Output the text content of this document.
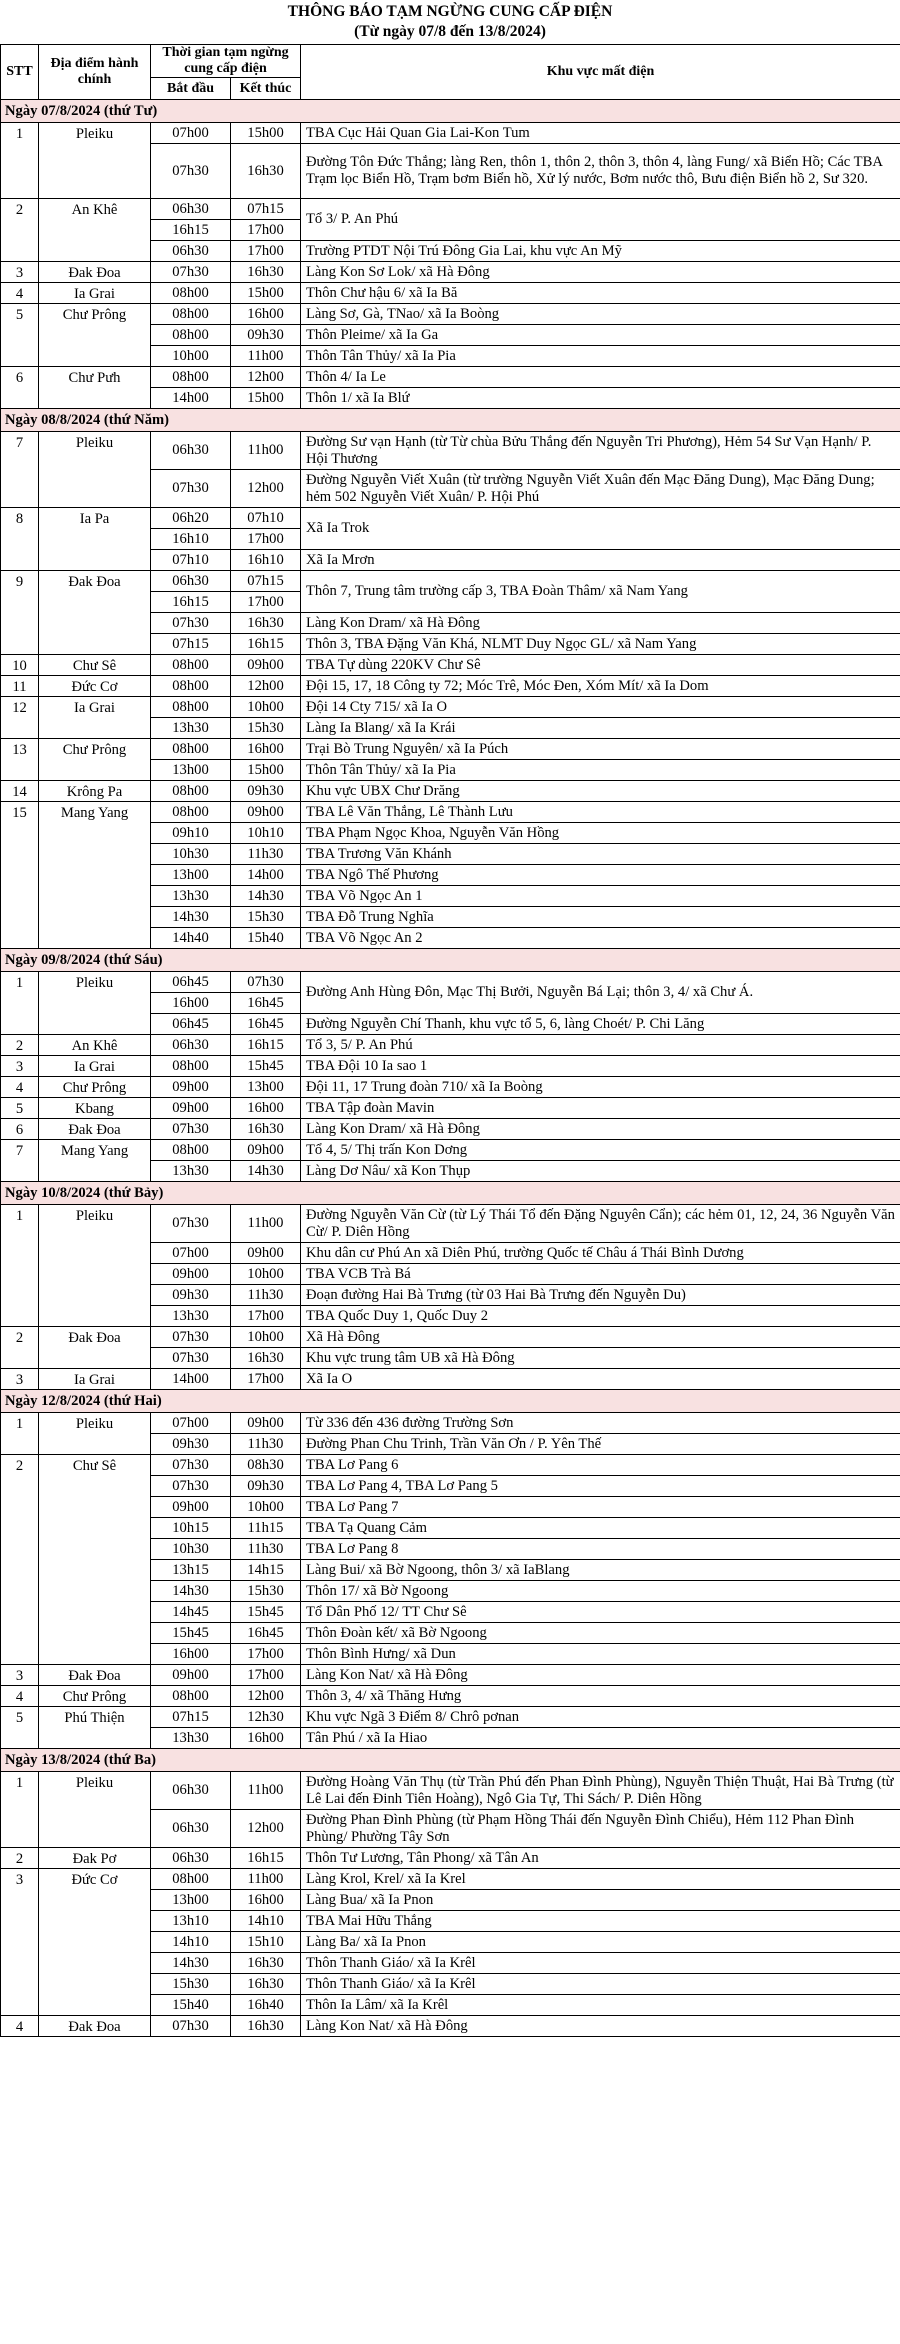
THÔNG BÁO TẠM NGỪNG CUNG CẤP ĐIỆN
(Từ ngày 07/8 đến 13/8/2024)
STT	Địa điểm hành chính	Thời gian tạm ngừng cung cấp điện		Khu vực mất điện
		Bắt đầu	Kết thúc	
Ngày 07/8/2024 (thứ Tư)				
1	Pleiku	07h00	15h00	TBA Cục Hải Quan Gia Lai-Kon Tum
		07h30	16h30	Đường Tôn Đức Thắng; làng Ren, thôn 1, thôn 2, thôn 3, thôn 4, làng Fung/ xã Biển Hồ; Các TBA Trạm lọc Biển Hồ, Trạm bơm Biển hồ, Xử lý nước, Bơm nước thô, Bưu điện Biển hồ 2, Sư 320.
2	An Khê	06h30	07h15	Tổ 3/ P. An Phú
		16h15	17h00	
		06h30	17h00	Trường PTDT Nội Trú Đông Gia Lai, khu vực An Mỹ
3	Đak Đoa	07h30	16h30	Làng Kon Sơ Lok/ xã Hà Đông
4	Ia Grai	08h00	15h00	Thôn Chư hậu 6/ xã Ia Bă
5	Chư Prông	08h00	16h00	Làng Sơ, Gà, TNao/ xã Ia Boòng
		08h00	09h30	Thôn Pleime/ xã Ia Ga
		10h00	11h00	Thôn Tân Thủy/ xã Ia Pia
6	Chư Pưh	08h00	12h00	Thôn 4/ Ia Le
		14h00	15h00	Thôn 1/ xã Ia Blứ
Ngày 08/8/2024 (thứ Năm)				
7	Pleiku	06h30	11h00	Đường Sư vạn Hạnh (từ Từ chùa Bửu Thắng đến Nguyễn Tri Phương), Hẻm 54 Sư Vạn Hạnh/ P. Hội Thương
		07h30	12h00	Đường Nguyễn Viết Xuân (từ trường Nguyễn Viết Xuân đến Mạc Đăng Dung), Mạc Đăng Dung; hẻm 502 Nguyễn Viết Xuân/ P. Hội Phú
8	Ia Pa	06h20	07h10	Xã Ia Trok
		16h10	17h00	
		07h10	16h10	Xã Ia Mrơn
9	Đak Đoa	06h30	07h15	Thôn 7, Trung tâm trường cấp 3, TBA Đoàn Thâm/ xã Nam Yang
		16h15	17h00	
		07h30	16h30	Làng Kon Dram/ xã Hà Đông
		07h15	16h15	Thôn 3, TBA Đặng Văn Khá, NLMT Duy Ngọc GL/ xã Nam Yang
10	Chư Sê	08h00	09h00	TBA Tự dùng 220KV Chư Sê
11	Đức Cơ	08h00	12h00	Đội 15, 17, 18 Công ty 72; Móc Trê, Móc Đen, Xóm Mít/ xã Ia Dom
12	Ia Grai	08h00	10h00	Đội 14 Cty 715/ xã Ia O
		13h30	15h30	Làng Ia Blang/ xã Ia Krái
13	Chư Prông	08h00	16h00	Trại Bò Trung Nguyên/ xã Ia Púch
		13h00	15h00	Thôn Tân Thủy/ xã Ia Pia
14	Krông Pa	08h00	09h30	Khu vực UBX Chư Drăng
15	Mang Yang	08h00	09h00	TBA Lê Văn Thắng, Lê Thành Lưu
		09h10	10h10	TBA Phạm Ngọc Khoa, Nguyễn Văn Hồng
		10h30	11h30	TBA Trương Văn Khánh
		13h00	14h00	TBA Ngô Thế Phương
		13h30	14h30	TBA Võ Ngọc An 1
		14h30	15h30	TBA Đỗ Trung Nghĩa
		14h40	15h40	TBA Võ Ngọc An 2
Ngày 09/8/2024 (thứ Sáu)				
1	Pleiku	06h45	07h30	Đường Anh Hùng Đôn, Mạc Thị Bưởi, Nguyễn Bá Lại; thôn 3, 4/ xã Chư Á.
		16h00	16h45	
		06h45	16h45	Đường Nguyễn Chí Thanh, khu vực tổ 5, 6, làng Choét/ P. Chi Lăng
2	An Khê	06h30	16h15	Tổ 3, 5/ P. An Phú
3	Ia Grai	08h00	15h45	TBA Đội 10 Ia sao 1
4	Chư Prông	09h00	13h00	Đội 11, 17 Trung đoàn 710/ xã Ia Boòng
5	Kbang	09h00	16h00	TBA Tập đoàn Mavin
6	Đak Đoa	07h30	16h30	Làng Kon Dram/ xã Hà Đông
7	Mang Yang	08h00	09h00	Tổ 4, 5/ Thị trấn Kon Dơng
		13h30	14h30	Làng Dơ Nâu/ xã Kon Thụp
Ngày 10/8/2024 (thứ Bảy)				
1	Pleiku	07h30	11h00	Đường Nguyễn Văn Cừ (từ Lý Thái Tổ đến Đặng Nguyên Cẩn); các hẻm 01, 12, 24, 36 Nguyễn Văn Cừ/ P. Diên Hồng
		07h00	09h00	Khu dân cư Phú An xã Diên Phú, trường Quốc tế Châu á Thái Bình Dương
		09h00	10h00	TBA VCB Trà Bá
		09h30	11h30	Đoạn đường Hai Bà Trưng (từ 03 Hai Bà Trưng đến Nguyễn Du)
		13h30	17h00	TBA Quốc Duy 1, Quốc Duy 2
2	Đak Đoa	07h30	10h00	Xã Hà Đông
		07h30	16h30	Khu vực trung tâm UB xã Hà Đông
3	Ia Grai	14h00	17h00	Xã Ia O
Ngày 12/8/2024 (thứ Hai)				
1	Pleiku	07h00	09h00	Từ 336 đến 436 đường Trường Sơn
		09h30	11h30	Đường Phan Chu Trinh, Trần Văn Ơn / P. Yên Thế
2	Chư Sê	07h30	08h30	TBA Lơ Pang 6
		07h30	09h30	TBA Lơ Pang 4, TBA Lơ Pang 5
		09h00	10h00	TBA Lơ Pang 7
		10h15	11h15	TBA Tạ Quang Cảm
		10h30	11h30	TBA Lơ Pang 8
		13h15	14h15	Làng Bui/ xã Bờ Ngoong, thôn 3/ xã IaBlang
		14h30	15h30	Thôn 17/ xã Bờ Ngoong
		14h45	15h45	Tổ Dân Phố 12/ TT Chư Sê
		15h45	16h45	Thôn Đoàn kết/ xã Bờ Ngoong
		16h00	17h00	Thôn Bình Hưng/ xã Dun
3	Đak Đoa	09h00	17h00	Làng Kon Nat/ xã Hà Đông
4	Chư Prông	08h00	12h00	Thôn 3, 4/ xã Thăng Hưng
5	Phú Thiện	07h15	12h30	Khu vực Ngã 3 Điểm 8/ Chrô pơnan
		13h30	16h00	Tân Phú / xã Ia Hiao
Ngày 13/8/2024 (thứ Ba)				
1	Pleiku	06h30	11h00	Đường Hoàng Văn Thụ (từ Trần Phú đến Phan Đình Phùng), Nguyễn Thiện Thuật, Hai Bà Trưng (từ Lê Lai đến Đinh Tiên Hoàng), Ngô Gia Tự, Thi Sách/ P. Diên Hồng
		06h30	12h00	Đường Phan Đình Phùng (từ Phạm Hồng Thái đến Nguyễn Đình Chiểu), Hẻm 112 Phan Đình Phùng/ Phường Tây Sơn
2	Đak Pơ	06h30	16h15	Thôn Tư Lương, Tân Phong/ xã Tân An
3	Đức Cơ	08h00	11h00	Làng Krol, Krel/ xã Ia Krel
		13h00	16h00	Làng Bua/ xã Ia Pnon
		13h10	14h10	TBA Mai Hữu Thắng
		14h10	15h10	Làng Ba/ xã Ia Pnon
		14h30	16h30	Thôn Thanh Giáo/ xã Ia Krêl
		15h30	16h30	Thôn Thanh Giáo/ xã Ia Krêl
		15h40	16h40	Thôn Ia Lâm/ xã Ia Krêl
4	Đak Đoa	07h30	16h30	Làng Kon Nat/ xã Hà Đông
